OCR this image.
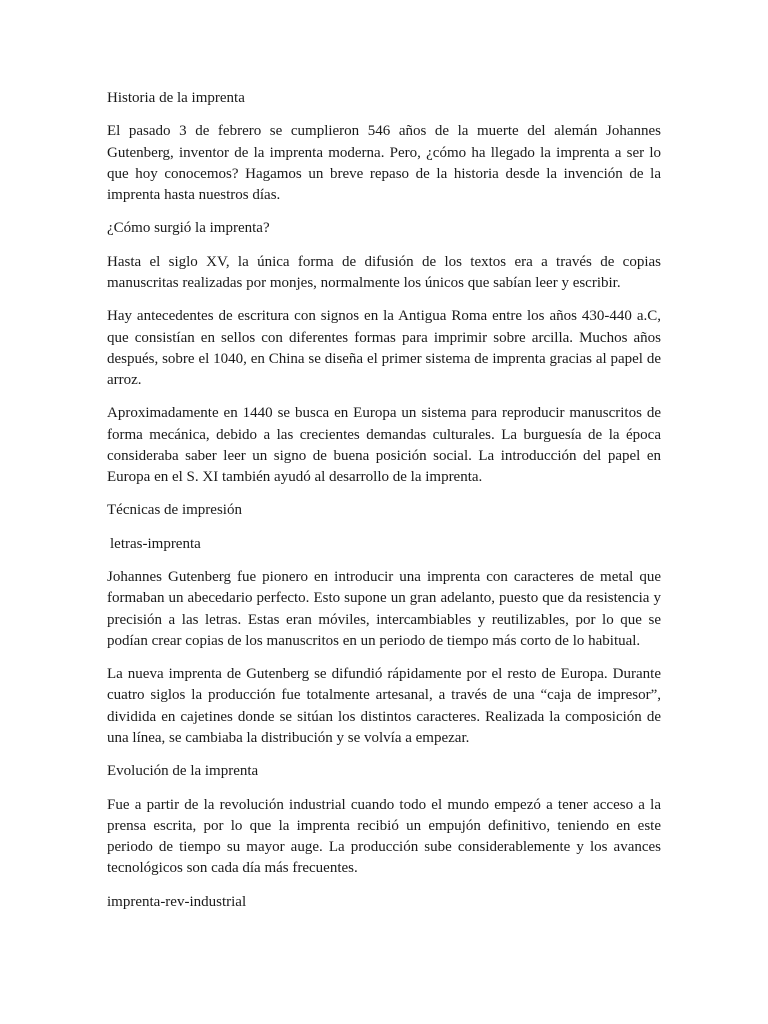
Historia de la imprenta

El pasado 3 de febrero se cumplieron 546 años de la muerte del alemán Johannes Gutenberg, inventor de la imprenta moderna. Pero, ¿cómo ha llegado la imprenta a ser lo que hoy conocemos? Hagamos un breve repaso de la historia desde la invención de la imprenta hasta nuestros días.

¿Cómo surgió la imprenta?

Hasta el siglo XV, la única forma de difusión de los textos era a través de copias manuscritas realizadas por monjes, normalmente los únicos que sabían leer y escribir.

Hay antecedentes de escritura con signos en la Antigua Roma entre los años 430-440 a.C, que consistían en sellos con diferentes formas para imprimir sobre arcilla. Muchos años después, sobre el 1040, en China se diseña el primer sistema de imprenta gracias al papel de arroz.

Aproximadamente en 1440 se busca en Europa un sistema para reproducir manuscritos de forma mecánica, debido a las crecientes demandas culturales. La burguesía de la época consideraba saber leer un signo de buena posición social. La introducción del papel en Europa en el S. XI también ayudó al desarrollo de la imprenta.

Técnicas de impresión

letras-imprenta

Johannes Gutenberg fue pionero en introducir una imprenta con caracteres de metal que formaban un abecedario perfecto. Esto supone un gran adelanto, puesto que da resistencia y precisión a las letras. Estas eran móviles, intercambiables y reutilizables, por lo que se podían crear copias de los manuscritos en un periodo de tiempo más corto de lo habitual.

La nueva imprenta de Gutenberg se difundió rápidamente por el resto de Europa. Durante cuatro siglos la producción fue totalmente artesanal, a través de una “caja de impresor”, dividida en cajetines donde se sitúan los distintos caracteres. Realizada la composición de una línea, se cambiaba la distribución y se volvía a empezar.

Evolución de la imprenta

Fue a partir de la revolución industrial cuando todo el mundo empezó a tener acceso a la prensa escrita, por lo que la imprenta recibió un empujón definitivo, teniendo en este periodo de tiempo su mayor auge. La producción sube considerablemente y los avances tecnológicos son cada día más frecuentes.

imprenta-rev-industrial
